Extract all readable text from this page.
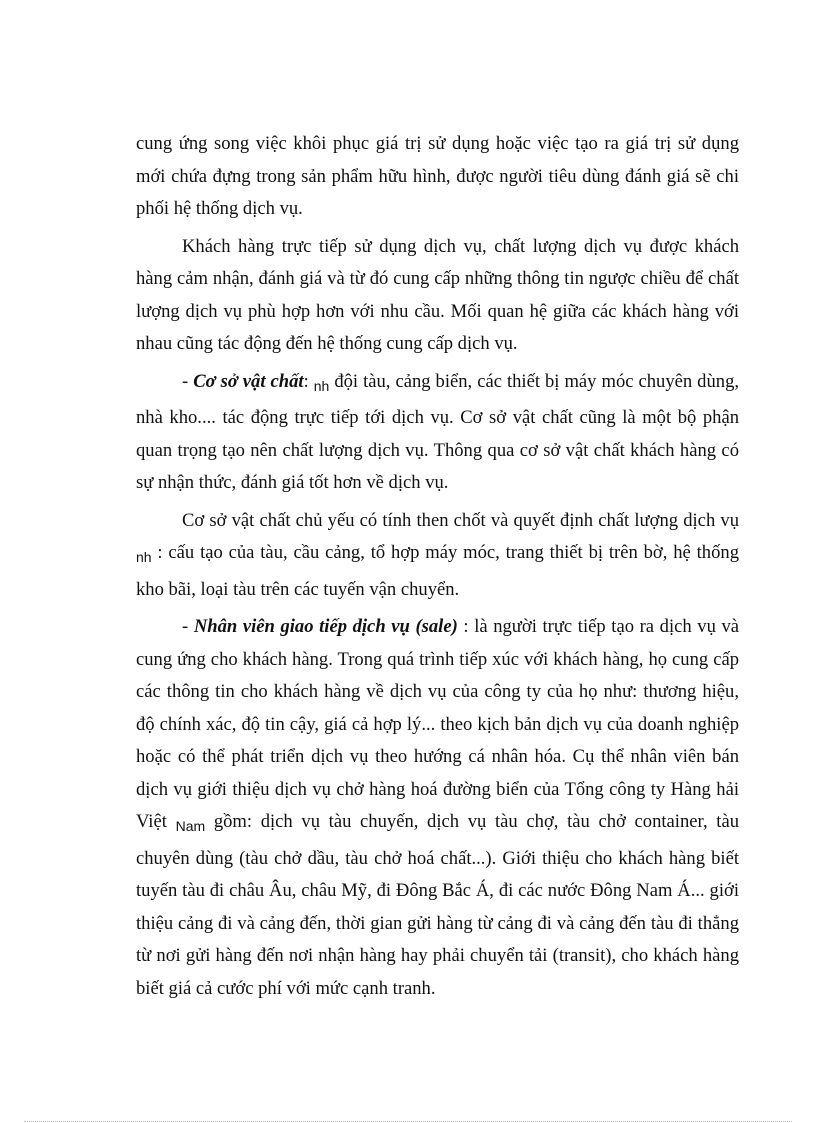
cung ứng song việc khôi phục giá trị sử dụng hoặc việc tạo ra giá trị sử dụng mới chứa đựng trong sản phẩm hữu hình, được người tiêu dùng đánh giá sẽ chi phối hệ thống dịch vụ.

Khách hàng trực tiếp sử dụng dịch vụ, chất lượng dịch vụ được khách hàng cảm nhận, đánh giá và từ đó cung cấp những thông tin ngược chiều để chất lượng dịch vụ phù hợp hơn với nhu cầu. Mối quan hệ giữa các khách hàng với nhau cũng tác động đến hệ thống cung cấp dịch vụ.

- Cơ sở vật chất: $_{nh}$ đội tàu, cảng biển, các thiết bị máy móc chuyên dùng, nhà kho.... tác động trực tiếp tới dịch vụ. Cơ sở vật chất cũng là một bộ phận quan trọng tạo nên chất lượng dịch vụ. Thông qua cơ sở vật chất khách hàng có sự nhận thức, đánh giá tốt hơn về dịch vụ.

Cơ sở vật chất chủ yếu có tính then chốt và quyết định chất lượng dịch vụ $_{nh}$ : cấu tạo của tàu, cầu cảng, tổ hợp máy móc, trang thiết bị trên bờ, hệ thống kho bãi, loại tàu trên các tuyến vận chuyển.

- Nhân viên giao tiếp dịch vụ (sale) : là người trực tiếp tạo ra dịch vụ và cung ứng cho khách hàng. Trong quá trình tiếp xúc với khách hàng, họ cung cấp các thông tin cho khách hàng về dịch vụ của công ty của họ như: thương hiệu, độ chính xác, độ tin cậy, giá cả hợp lý... theo kịch bản dịch vụ của doanh nghiệp hoặc có thể phát triển dịch vụ theo hướng cá nhân hóa. Cụ thể nhân viên bán dịch vụ giới thiệu dịch vụ chở hàng hoá đường biển của Tổng công ty Hàng hải Việt $_{Nam}$ gồm: dịch vụ tàu chuyến, dịch vụ tàu chợ, tàu chở container, tàu chuyên dùng (tàu chở dầu, tàu chở hoá chất...). Giới thiệu cho khách hàng biết tuyến tàu đi châu Âu, châu Mỹ, đi Đông Bắc Á, đi các nước Đông Nam Á... giới thiệu cảng đi và cảng đến, thời gian gửi hàng từ cảng đi và cảng đến tàu đi thẳng từ nơi gửi hàng đến nơi nhận hàng hay phải chuyển tải (transit), cho khách hàng biết giá cả cước phí với mức cạnh tranh.
